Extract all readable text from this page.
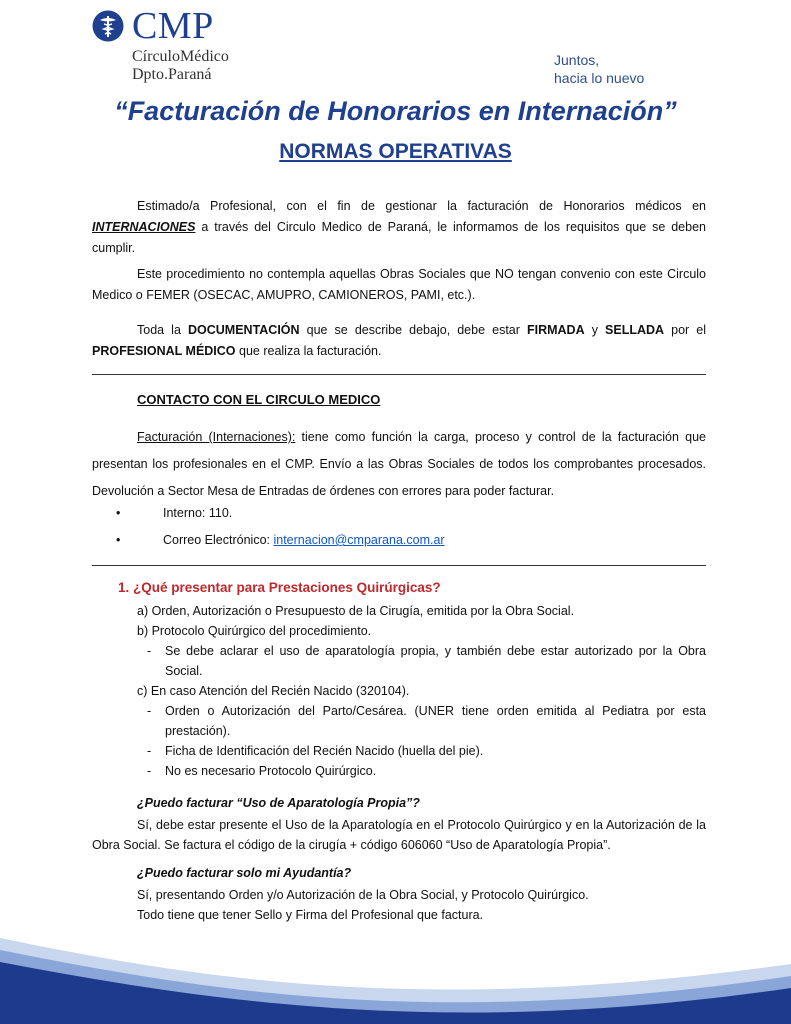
CMP
CírculoMédico
Dpto.Paraná
Juntos,
hacia lo nuevo
“Facturación de Honorarios en Internación”
NORMAS OPERATIVAS
Estimado/a Profesional, con el fin de gestionar la facturación de Honorarios médicos en INTERNACIONES a través del Circulo Medico de Paraná, le informamos de los requisitos que se deben cumplir.
Este procedimiento no contempla aquellas Obras Sociales que NO tengan convenio con este Circulo Medico o FEMER (OSECAC, AMUPRO, CAMIONEROS, PAMI, etc.).
Toda la DOCUMENTACIÓN que se describe debajo, debe estar FIRMADA y SELLADA por el PROFESIONAL MÉDICO que realiza la facturación.
CONTACTO CON EL CIRCULO MEDICO
Facturación (Internaciones): tiene como función la carga, proceso y control de la facturación que presentan los profesionales en el CMP. Envío a las Obras Sociales de todos los comprobantes procesados. Devolución a Sector Mesa de Entradas de órdenes con errores para poder facturar.
•	Interno: 110.
•	Correo Electrónico: internacion@cmparana.com.ar
1. ¿Qué presentar para Prestaciones Quirúrgicas?
a) Orden, Autorización o Presupuesto de la Cirugía, emitida por la Obra Social.
b) Protocolo Quirúrgico del procedimiento.
- Se debe aclarar el uso de aparatología propia, y también debe estar autorizado por la Obra Social.
c) En caso Atención del Recién Nacido (320104).
- Orden o Autorización del Parto/Cesárea. (UNER tiene orden emitida al Pediatra por esta prestación).
- Ficha de Identificación del Recién Nacido (huella del pie).
- No es necesario Protocolo Quirúrgico.
¿Puedo facturar “Uso de Aparatología Propia”?
Sí, debe estar presente el Uso de la Aparatología en el Protocolo Quirúrgico y en la Autorización de la Obra Social. Se factura el código de la cirugía + código 606060 “Uso de Aparatología Propia”.
¿Puedo facturar solo mi Ayudantía?
Sí, presentando Orden y/o Autorización de la Obra Social, y Protocolo Quirúrgico.
Todo tiene que tener Sello y Firma del Profesional que factura.
